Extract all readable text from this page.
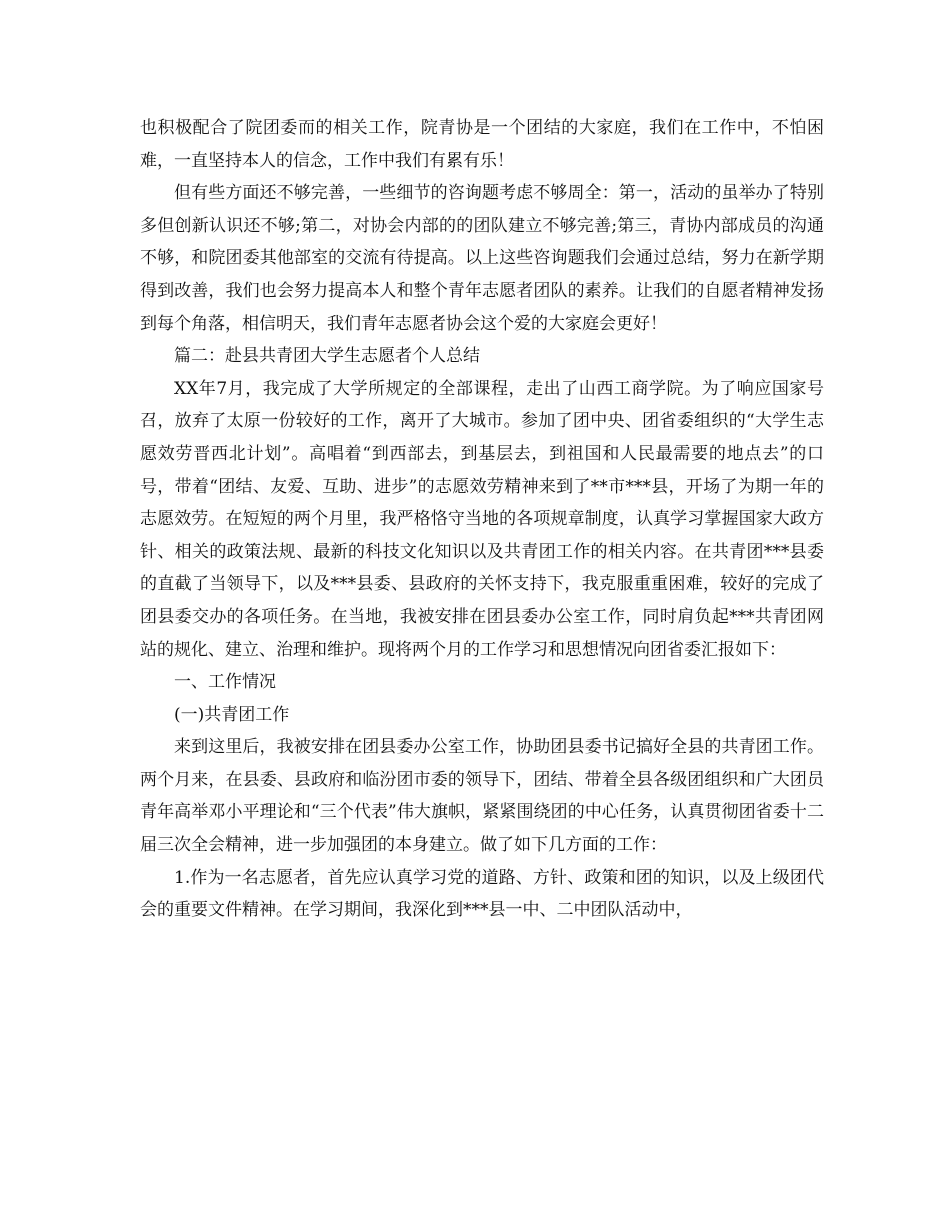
也积极配合了院团委而的相关工作，院青协是一个团结的大家庭，我们在工作中，不怕困难，一直坚持本人的信念，工作中我们有累有乐！

但有些方面还不够完善，一些细节的咨询题考虑不够周全：第一，活动的虽举办了特别多但创新认识还不够;第二，对协会内部的的团队建立不够完善;第三，青协内部成员的沟通不够，和院团委其他部室的交流有待提高。以上这些咨询题我们会通过总结，努力在新学期得到改善，我们也会努力提高本人和整个青年志愿者团队的素养。让我们的自愿者精神发扬到每个角落，相信明天，我们青年志愿者协会这个爱的大家庭会更好！

篇二：赴县共青团大学生志愿者个人总结

XX年7月，我完成了大学所规定的全部课程，走出了山西工商学院。为了响应国家号召，放弃了太原一份较好的工作，离开了大城市。参加了团中央、团省委组织的“大学生志愿效劳晋西北计划”。高唱着“到西部去，到基层去，到祖国和人民最需要的地点去”的口号，带着“团结、友爱、互助、进步”的志愿效劳精神来到了**市***县，开场了为期一年的志愿效劳。在短短的两个月里，我严格恪守当地的各项规章制度，认真学习掌握国家大政方针、相关的政策法规、最新的科技文化知识以及共青团工作的相关内容。在共青团***县委的直截了当领导下，以及***县委、县政府的关怀支持下，我克服重重困难，较好的完成了团县委交办的各项任务。在当地，我被安排在团县委办公室工作，同时肩负起***共青团网站的规化、建立、治理和维护。现将两个月的工作学习和思想情况向团省委汇报如下：

一、工作情况

(一)共青团工作

来到这里后，我被安排在团县委办公室工作，协助团县委书记搞好全县的共青团工作。两个月来，在县委、县政府和临汾团市委的领导下，团结、带着全县各级团组织和广大团员青年高举邓小平理论和“三个代表”伟大旗帜，紧紧围绕团的中心任务，认真贯彻团省委十二届三次全会精神，进一步加强团的本身建立。做了如下几方面的工作：

1.作为一名志愿者，首先应认真学习党的道路、方针、政策和团的知识，以及上级团代会的重要文件精神。在学习期间，我深化到***县一中、二中团队活动中，
